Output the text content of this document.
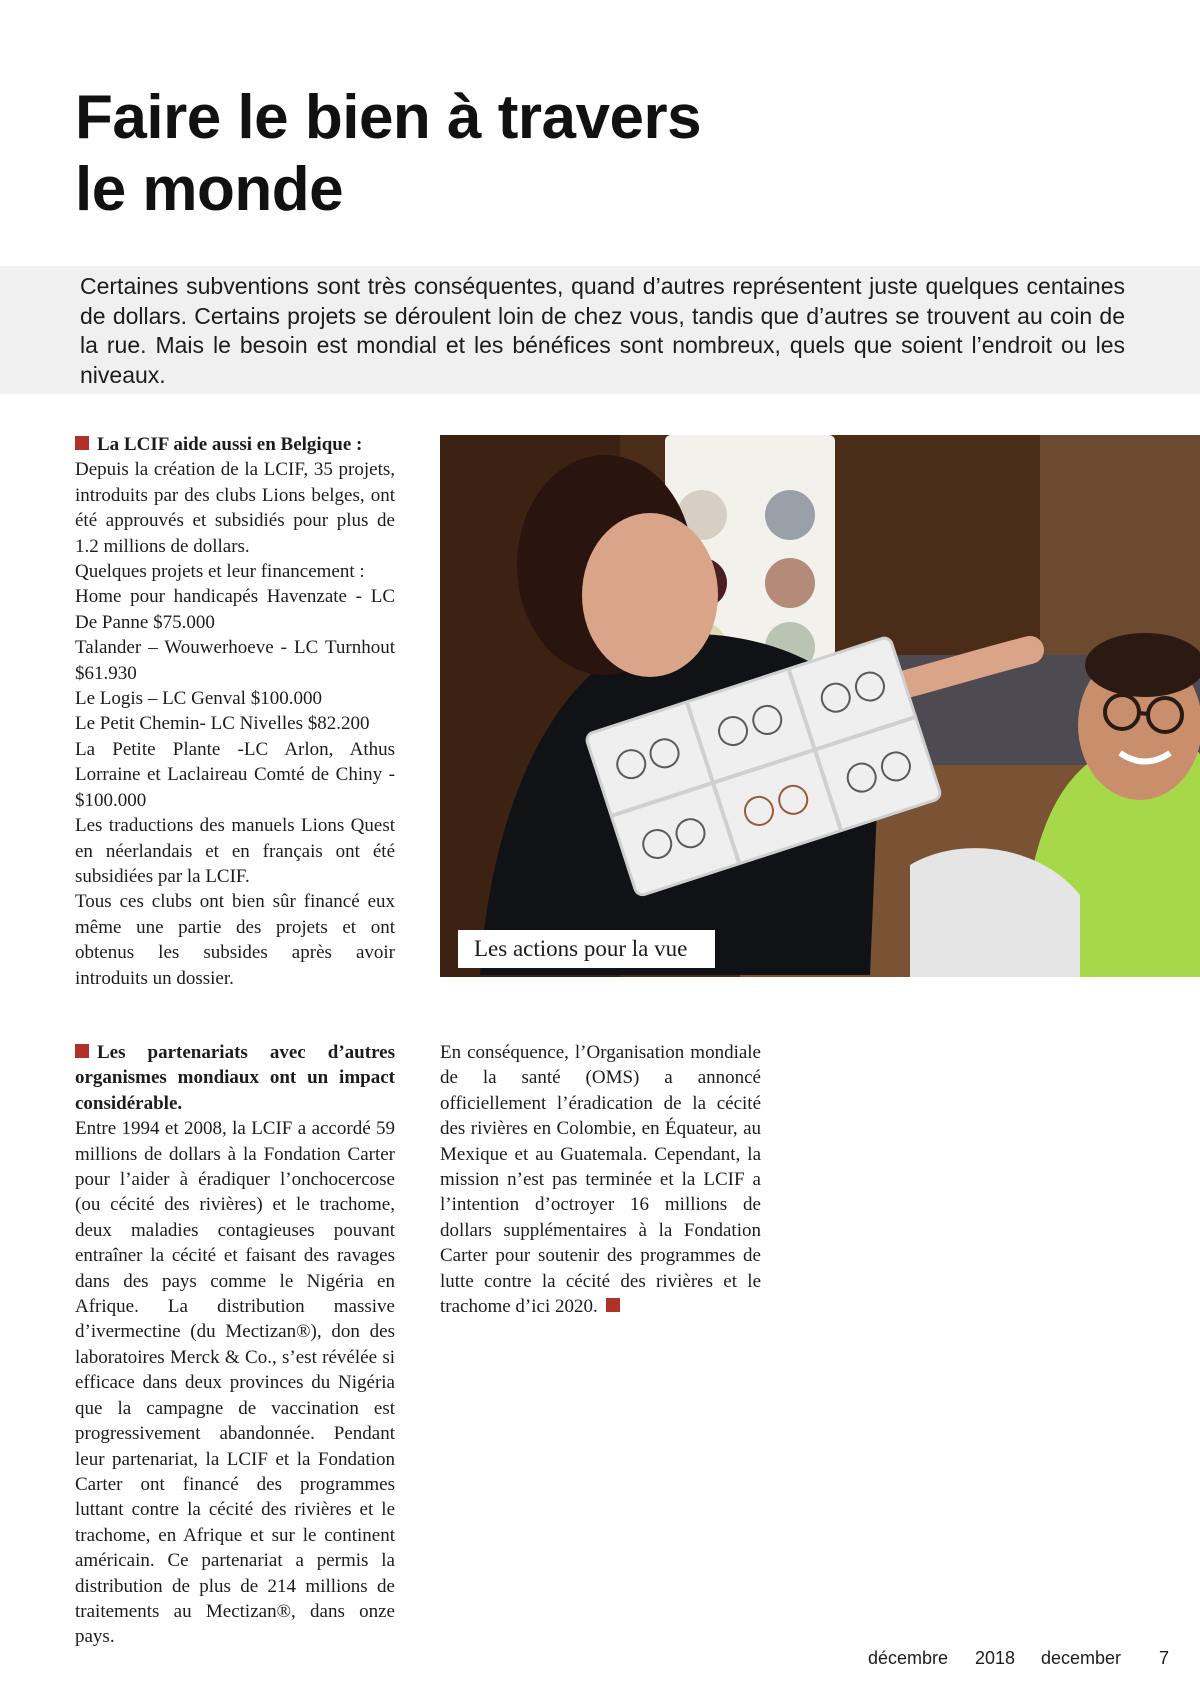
Faire le bien à travers
le monde

Certaines subventions sont très conséquentes, quand d’autres représentent juste quelques centaines de dollars. Certains projets se déroulent loin de chez vous, tandis que d’autres se trouvent au coin de la rue. Mais le besoin est mondial et les bénéfices sont nombreux, quels que soient l’endroit ou les niveaux.

La LCIF aide aussi en Belgique :

Depuis la création de la LCIF, 35 projets, introduits par des clubs Lions belges, ont été approuvés et subsidiés pour plus de 1.2 millions de dollars.

Quelques projets et leur financement :

Home pour handicapés Havenzate - LC De Panne $75.000

Talander – Wouwerhoeve - LC Turnhout $61.930

Le Logis – LC Genval $100.000

Le Petit Chemin- LC Nivelles $82.200

La Petite Plante -LC Arlon, Athus Lorraine et Laclaireau Comté de Chiny - $100.000

Les traductions des manuels Lions Quest en néerlandais et en français ont été subsidiées par la LCIF.

Tous ces clubs ont bien sûr financé eux même une partie des projets et ont obtenus les subsides après avoir introduits un dossier.

Les actions pour la vue

Les partenariats avec d’autres organismes mondiaux ont un impact considérable.

Entre 1994 et 2008, la LCIF a accordé 59 millions de dollars à la Fondation Carter pour l’aider à éradiquer l’onchocercose (ou cécité des rivières) et le trachome, deux maladies contagieuses pouvant entraîner la cécité et faisant des ravages dans des pays comme le Nigéria en Afrique. La distribution massive d’ivermectine (du Mectizan®), don des laboratoires Merck & Co., s’est révélée si efficace dans deux provinces du Nigéria que la campagne de vaccination est progressivement abandonnée. Pendant leur partenariat, la LCIF et la Fondation Carter ont financé des programmes luttant contre la cécité des rivières et le trachome, en Afrique et sur le continent américain. Ce partenariat a permis la distribution de plus de 214 millions de traitements au Mectizan®, dans onze pays.

En conséquence, l’Organisation mondiale de la santé (OMS) a annoncé officiellement l’éradication de la cécité des rivières en Colombie, en Équateur, au Mexique et au Guatemala. Cependant, la mission n’est pas terminée et la LCIF a l’intention d’octroyer 16 millions de dollars supplémentaires à la Fondation Carter pour soutenir des programmes de lutte contre la cécité des rivières et le trachome d’ici 2020.

décembre 2018 december 7
